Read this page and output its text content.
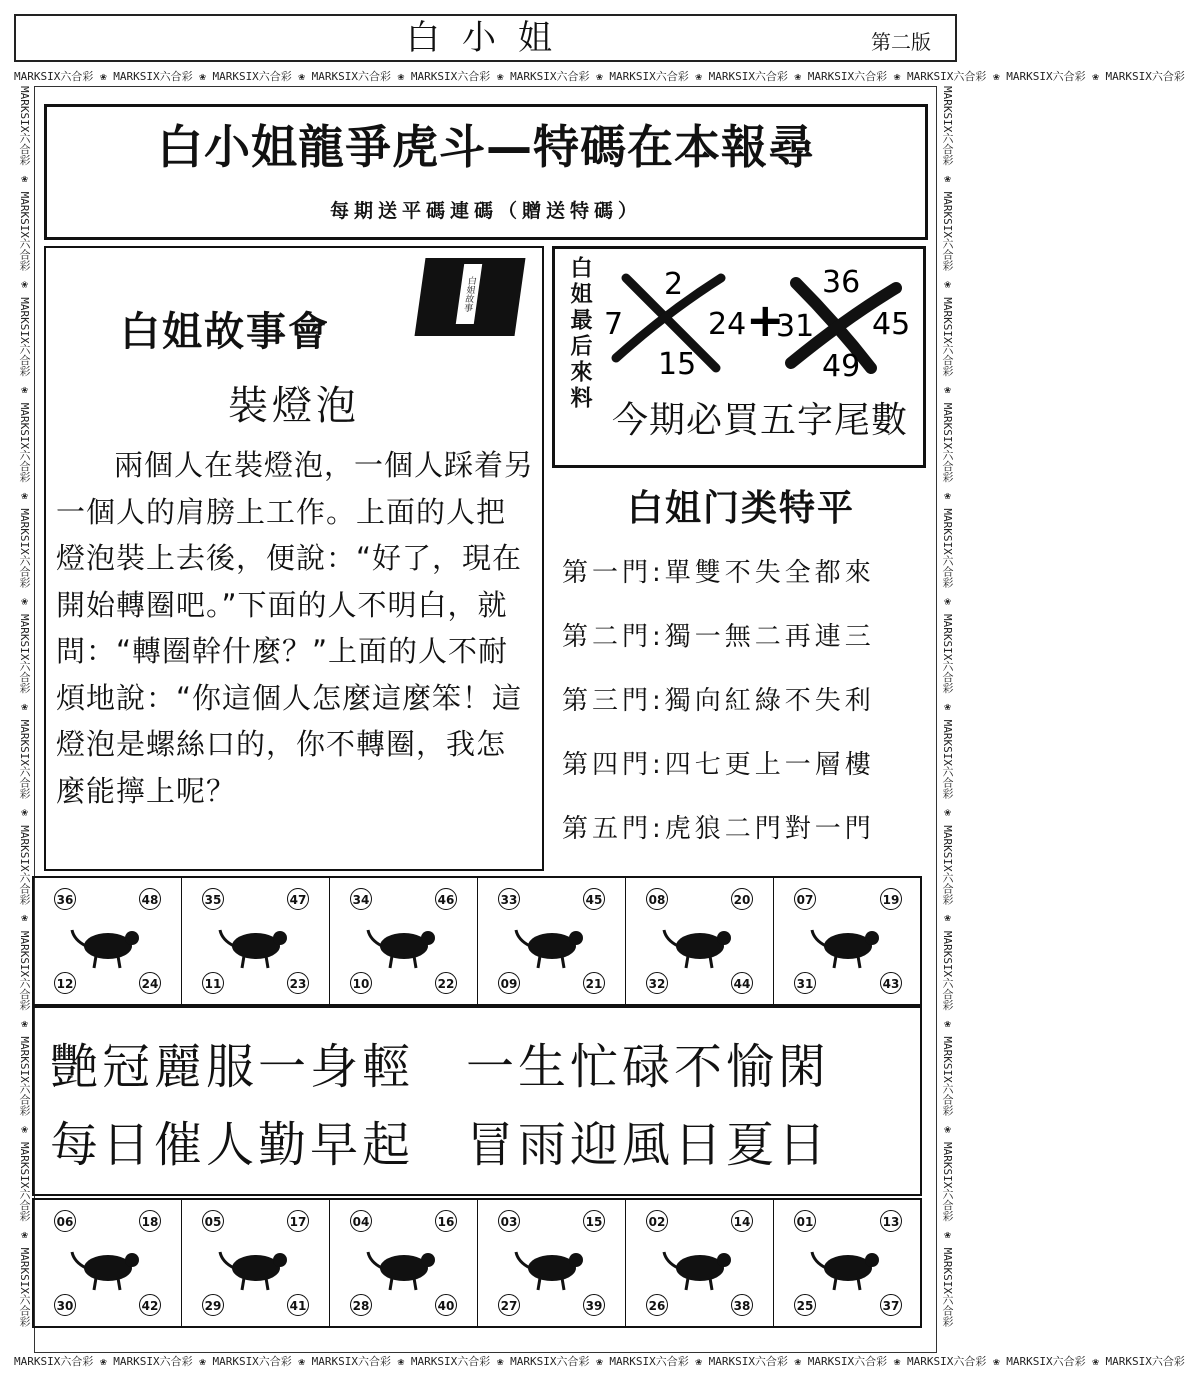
白小姐	第二版
MARKSIX六合彩 ❀ MARKSIX六合彩 ❀ MARKSIX六合彩 ❀ MARKSIX六合彩 ❀ MARKSIX六合彩 ❀ MARKSIX六合彩 ❀ MARKSIX六合彩 ❀ MARKSIX六合彩 ❀ MARKSIX六合彩 ❀ MARKSIX六合彩 ❀ MARKSIX六合彩 ❀ MARKSIX六合彩
MARKSIX六合彩 ❀ MARKSIX六合彩 ❀ MARKSIX六合彩 ❀ MARKSIX六合彩 ❀ MARKSIX六合彩 ❀ MARKSIX六合彩 ❀ MARKSIX六合彩 ❀ MARKSIX六合彩 ❀ MARKSIX六合彩 ❀ MARKSIX六合彩 ❀ MARKSIX六合彩 ❀ MARKSIX六合彩
MARKSIX六合彩 ❀ MARKSIX六合彩 ❀ MARKSIX六合彩 ❀ MARKSIX六合彩 ❀ MARKSIX六合彩 ❀ MARKSIX六合彩 ❀ MARKSIX六合彩 ❀ MARKSIX六合彩 ❀ MARKSIX六合彩 ❀ MARKSIX六合彩 ❀ MARKSIX六合彩 ❀ MARKSIX六合彩	MARKSIX六合彩 ❀ MARKSIX六合彩 ❀ MARKSIX六合彩 ❀ MARKSIX六合彩 ❀ MARKSIX六合彩 ❀ MARKSIX六合彩 ❀ MARKSIX六合彩 ❀ MARKSIX六合彩 ❀ MARKSIX六合彩 ❀ MARKSIX六合彩 ❀ MARKSIX六合彩 ❀ MARKSIX六合彩
白小姐龍爭虎斗—特碼在本報尋
每期送平碼連碼（贈送特碼）
白姐故事會
白姐故事
裝燈泡
兩個人在裝燈泡，一個人踩着另一個人的肩膀上工作。上面的人把燈泡裝上去後，便說：“好了，現在開始轉圈吧。”下面的人不明白，就問：“轉圈幹什麼？”上面的人不耐煩地說：“你這個人怎麼這麼笨！這燈泡是螺絲口的，你不轉圈，我怎麼能擰上呢？
白姐最后來料 7
2
15
24 +
31
36
45
49
今期必買五字尾數
白姐门类特平
第一門:單雙不失全都來
第二門:獨一無二再連三
第三門:獨向紅綠不失利
第四門:四七更上一層樓
第五門:虎狼二門對一門
36	48
12	24
35	47
11	23
34	46
10	22
33	45
09	21
08	20
32	44
07	19
31	43
艷冠麗服一身輕　一生忙碌不愉閑
每日催人勤早起　冒雨迎風日夏日
06	18
30	42
05	17
29	41
04	16
28	40
03	15
27	39
02	14
26	38
01	13
25	37
